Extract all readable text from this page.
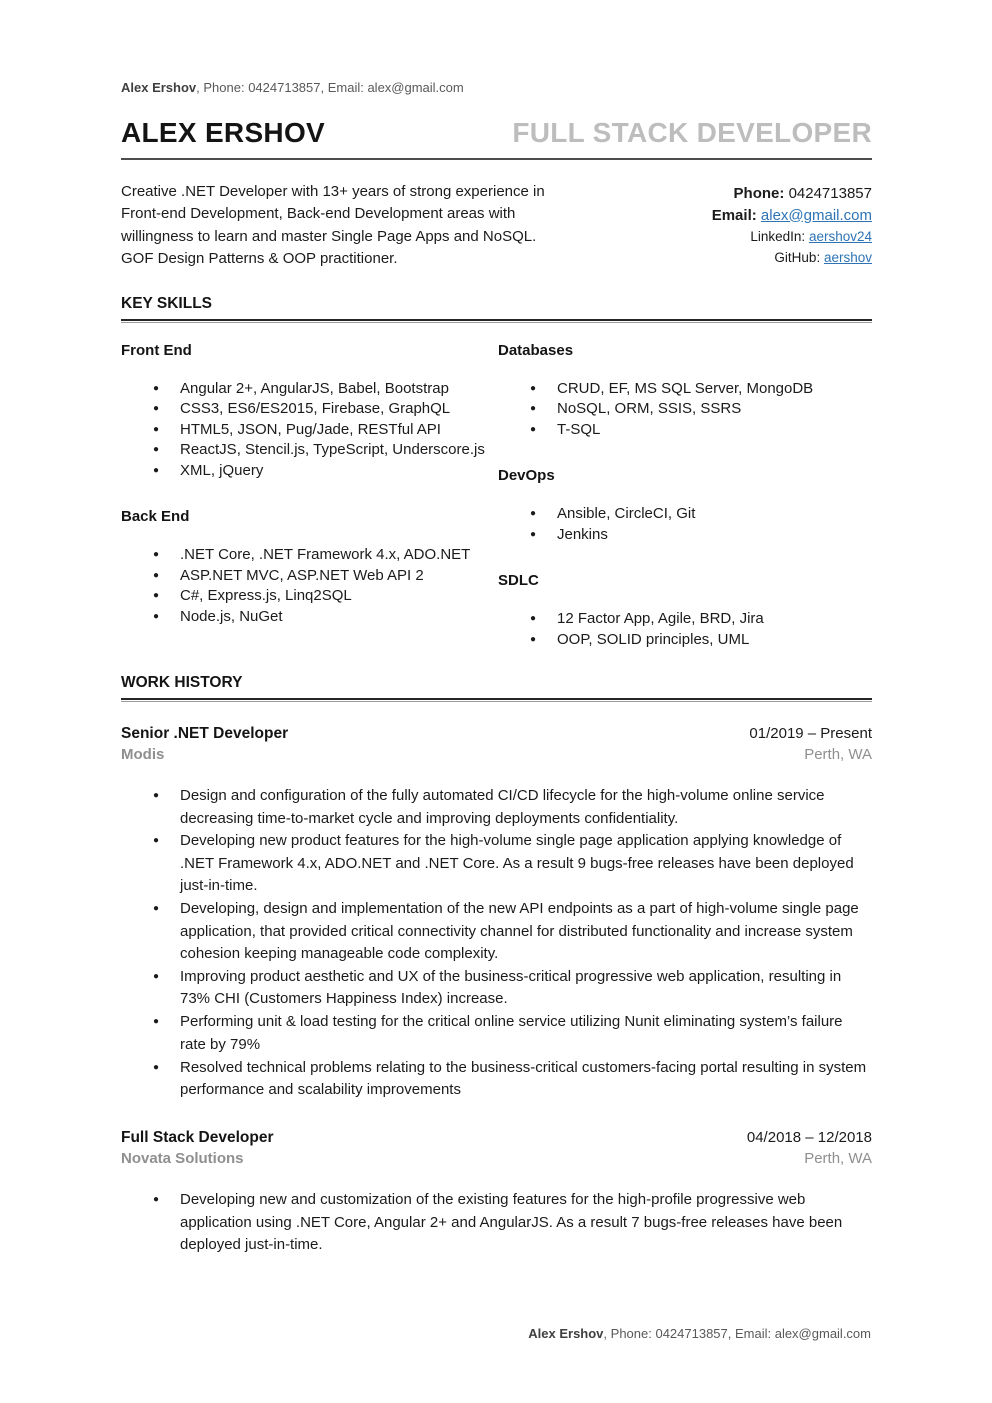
Alex Ershov, Phone: 0424713857, Email: alex@gmail.com
ALEX ERSHOV	FULL STACK DEVELOPER
Creative .NET Developer with 13+ years of strong experience in Front-end Development, Back-end Development areas with willingness to learn and master Single Page Apps and NoSQL. GOF Design Patterns & OOP practitioner.
Phone: 0424713857
Email: alex@gmail.com
LinkedIn: aershov24
GitHub: aershov
KEY SKILLS
Front End
● Angular 2+, AngularJS, Babel, Bootstrap
● CSS3, ES6/ES2015, Firebase, GraphQL
● HTML5, JSON, Pug/Jade, RESTful API
● ReactJS, Stencil.js, TypeScript, Underscore.js
● XML, jQuery
Back End
● .NET Core, .NET Framework 4.x, ADO.NET
● ASP.NET MVC, ASP.NET Web API 2
● C#, Express.js, Linq2SQL
● Node.js, NuGet
Databases
● CRUD, EF, MS SQL Server, MongoDB
● NoSQL, ORM, SSIS, SSRS
● T-SQL
DevOps
● Ansible, CircleCI, Git
● Jenkins
SDLC
● 12 Factor App, Agile, BRD, Jira
● OOP, SOLID principles, UML
WORK HISTORY
Senior .NET Developer
Modis
01/2019 – Present
Perth, WA
● Design and configuration of the fully automated CI/CD lifecycle for the high-volume online service decreasing time-to-market cycle and improving deployments confidentiality.
● Developing new product features for the high-volume single page application applying knowledge of .NET Framework 4.x, ADO.NET and .NET Core. As a result 9 bugs-free releases have been deployed just-in-time.
● Developing, design and implementation of the new API endpoints as a part of high-volume single page application, that provided critical connectivity channel for distributed functionality and increase system cohesion keeping manageable code complexity.
● Improving product aesthetic and UX of the business-critical progressive web application, resulting in 73% CHI (Customers Happiness Index) increase.
● Performing unit & load testing for the critical online service utilizing Nunit eliminating system’s failure rate by 79%
● Resolved technical problems relating to the business-critical customers-facing portal resulting in system performance and scalability improvements
Full Stack Developer
Novata Solutions
04/2018 – 12/2018
Perth, WA
● Developing new and customization of the existing features for the high-profile progressive web application using .NET Core, Angular 2+ and AngularJS. As a result 7 bugs-free releases have been deployed just-in-time.
Alex Ershov, Phone: 0424713857, Email: alex@gmail.com
